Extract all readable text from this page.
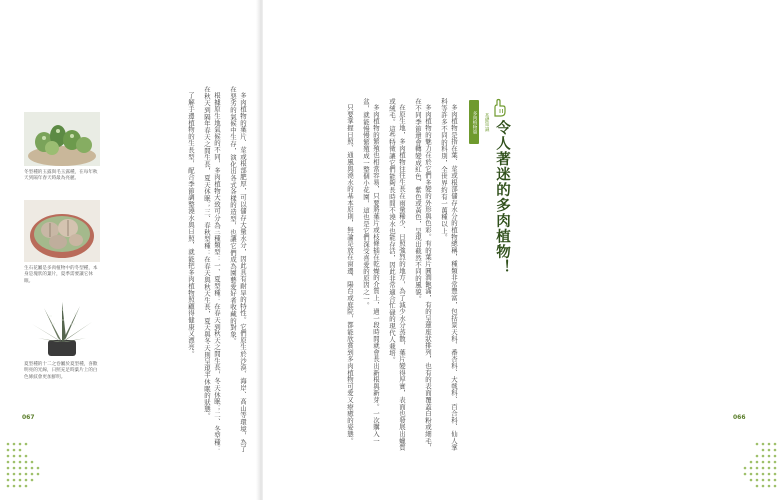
冬型種的玉露與毛玉露種，在每年秋天到隔年春天時最為亮麗。
生石花屬是多肉植物中的冬型種，本身是塊狀的葉片，夏季需要讓它休眠。
夏型種的十二之卷屬於夏型種，喜歡明亮的光線，日照充足時葉片上的白色條紋會更加鮮明。	多肉植物的葉片、莖或根部肥厚，可以儲存大量水分，因此具有耐旱的特性。它們原生於沙漠、海岸、高山等環境，為了在惡劣的氣候中生存，演化出各式各樣的造型，也讓它們成為園藝愛好者收藏的對象。

根據原生地氣候的不同，多肉植物大致可分為三種類型：一、夏型種：在春天到秋天之間生長，冬天休眠；二、冬型種：在秋天到隔年春天之間生長，夏天休眠；三、春秋型種：在春天與秋天生長，夏天與冬天則呈現半休眠的狀態。

了解手邊植物的生長型，配合季節調整澆水與日照，就能把多肉植物照顧得健康又漂亮。

067	多肉植物是指在葉、莖或根部儲存水分的植物總稱，種類非常豐富，包括景天科、番杏科、大戟科、百合科、仙人掌科等許多不同的科別，全世界約有一萬種以上。

多肉植物的魅力在於它們多變的外形與色彩。有的葉片圓潤飽滿，有的呈蓮座狀排列，也有的表面覆蓋白粉或細毛，在不同季節還會轉變成紅色、紫色或黃色，呈現出截然不同的風貌。

在原生地，多肉植物往往生長在雨量稀少、日照強烈的地方，為了減少水分蒸散，葉片變得厚實，表面也發展出蠟質或絨毛。這些特徵讓它們能夠長時間不澆水也能存活，因此非常適合忙碌的現代人栽培。

多肉植物的繁殖也相當容易，只要將葉片或枝條插在乾燥的介質上，過一段時間就會長出新根與新芽。一次購入一盆，就能慢慢繁殖成一整個小花園，這也是它們深受喜愛的原因之一。

只要掌握日照、通風與澆水的基本原則，無論是放在窗邊、陽台或庭院，都能欣賞到多肉植物可愛又療癒的姿態。	多肉植物篇	基礎知識 令人著迷的多肉植物！
066
